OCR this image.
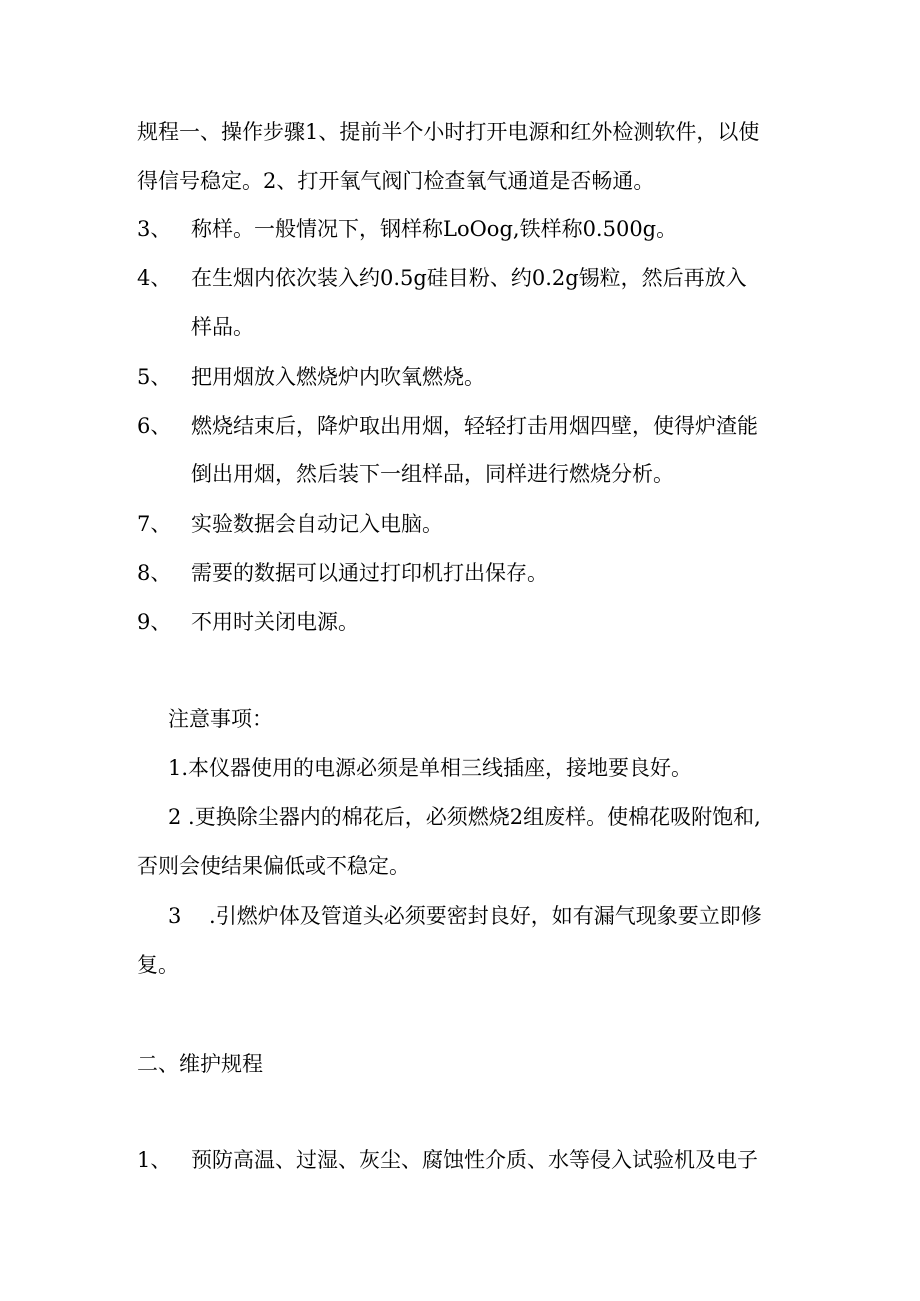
规程一、操作步骤1、提前半个小时打开电源和红外检测软件，以使
得信号稳定。2、打开氧气阀门检查氧气通道是否畅通。
3、 称样。一般情况下，钢样称LoOog,铁样称0.500g。
4、 在生烟内依次装入约0.5g硅目粉、约0.2g锡粒，然后再放入
样品。
5、 把用烟放入燃烧炉内吹氧燃烧。
6、 燃烧结束后，降炉取出用烟，轻轻打击用烟四壁，使得炉渣能
倒出用烟，然后装下一组样品，同样进行燃烧分析。
7、 实验数据会自动记入电脑。
8、 需要的数据可以通过打印机打出保存。
9、 不用时关闭电源。
注意事项：
1.本仪器使用的电源必须是单相三线插座，接地要良好。
2 .更换除尘器内的棉花后，必须燃烧2组废样。使棉花吸附饱和,
否则会使结果偏低或不稳定。
3　 .引燃炉体及管道头必须要密封良好，如有漏气现象要立即修
复。
二、维护规程
1、 预防高温、过湿、灰尘、腐蚀性介质、水等侵入试验机及电子
